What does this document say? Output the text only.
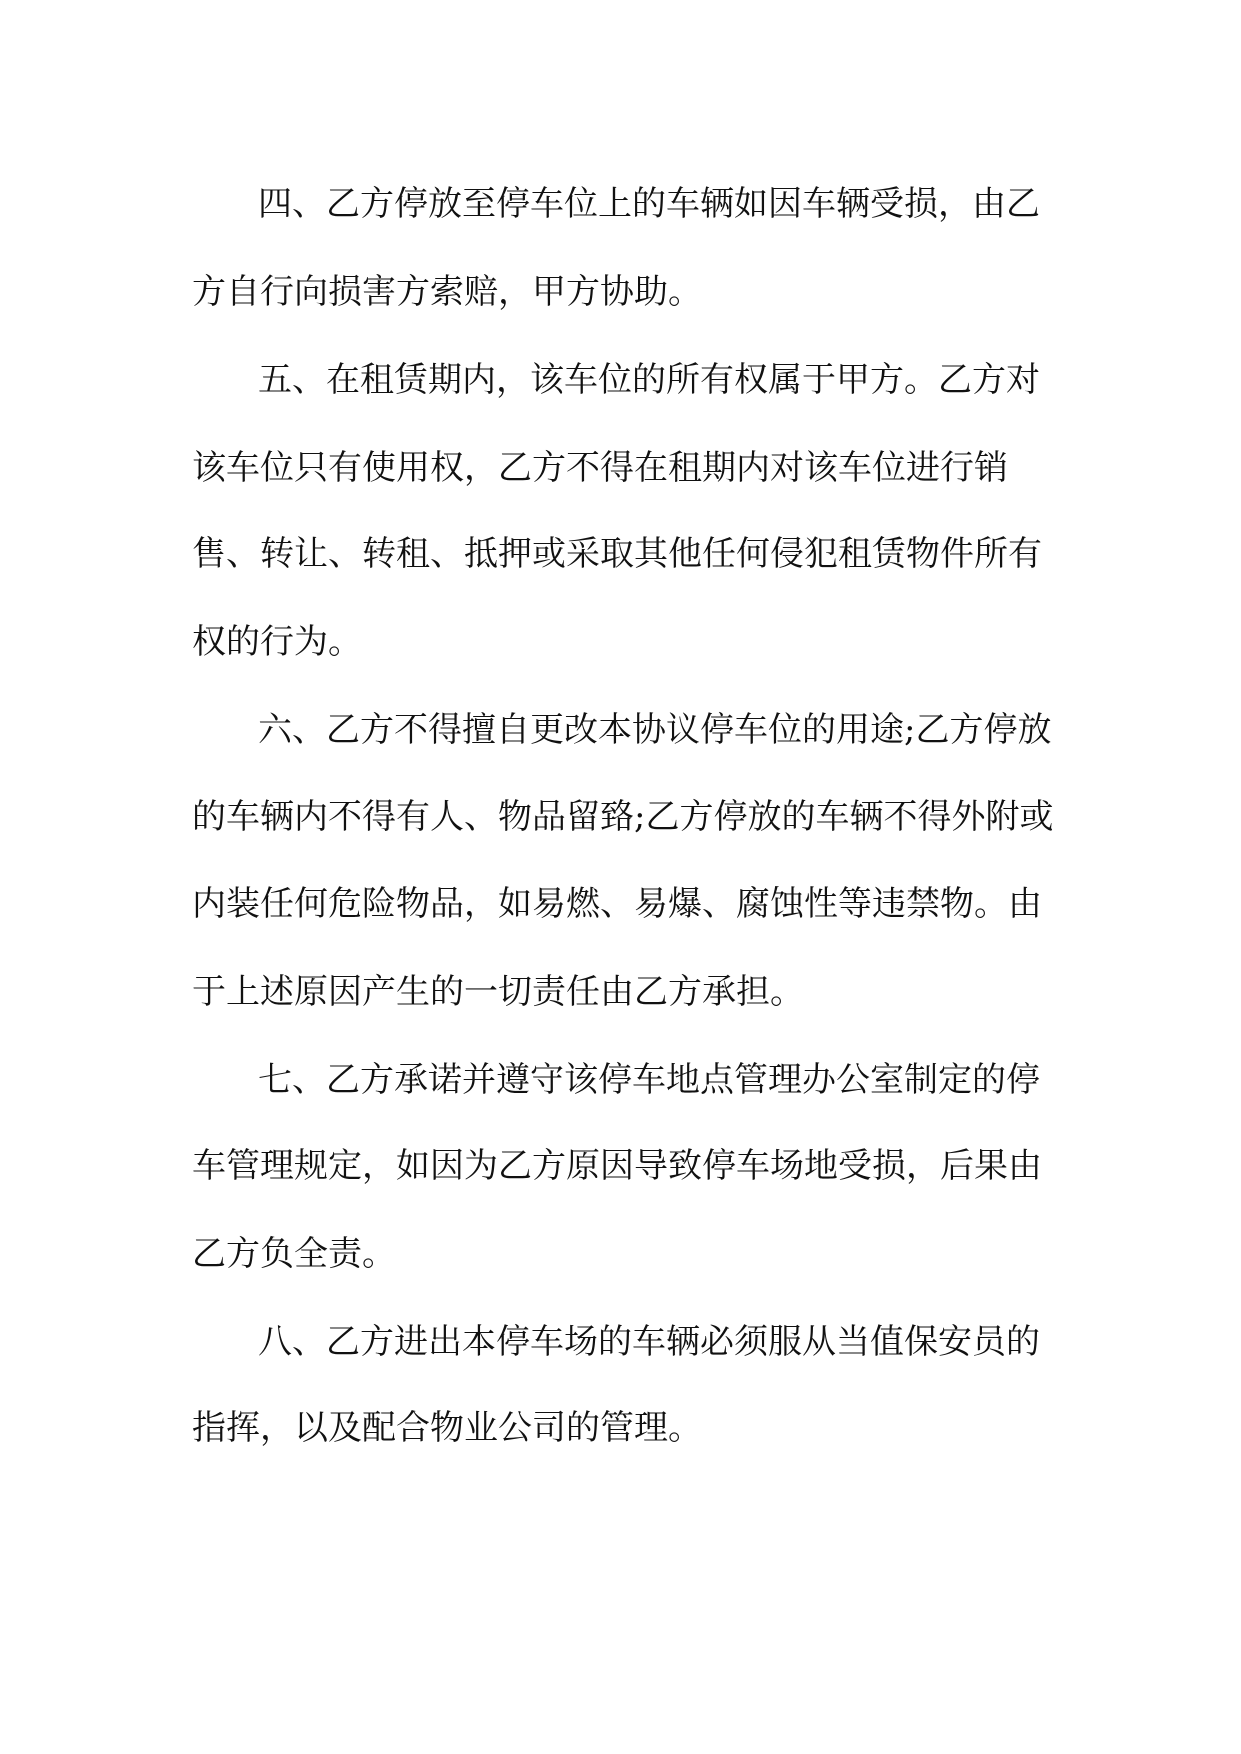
四、乙方停放至停车位上的车辆如因车辆受损，由乙
方自行向损害方索赔，甲方协助。
五、在租赁期内，该车位的所有权属于甲方。乙方对
该车位只有使用权，乙方不得在租期内对该车位进行销
售、转让、转租、抵押或采取其他任何侵犯租赁物件所有
权的行为。
六、乙方不得擅自更改本协议停车位的用途;乙方停放
的车辆内不得有人、物品留臵;乙方停放的车辆不得外附或
内装任何危险物品，如易燃、易爆、腐蚀性等违禁物。由
于上述原因产生的一切责任由乙方承担。
七、乙方承诺并遵守该停车地点管理办公室制定的停
车管理规定，如因为乙方原因导致停车场地受损，后果由
乙方负全责。
八、乙方进出本停车场的车辆必须服从当值保安员的
指挥，以及配合物业公司的管理。
